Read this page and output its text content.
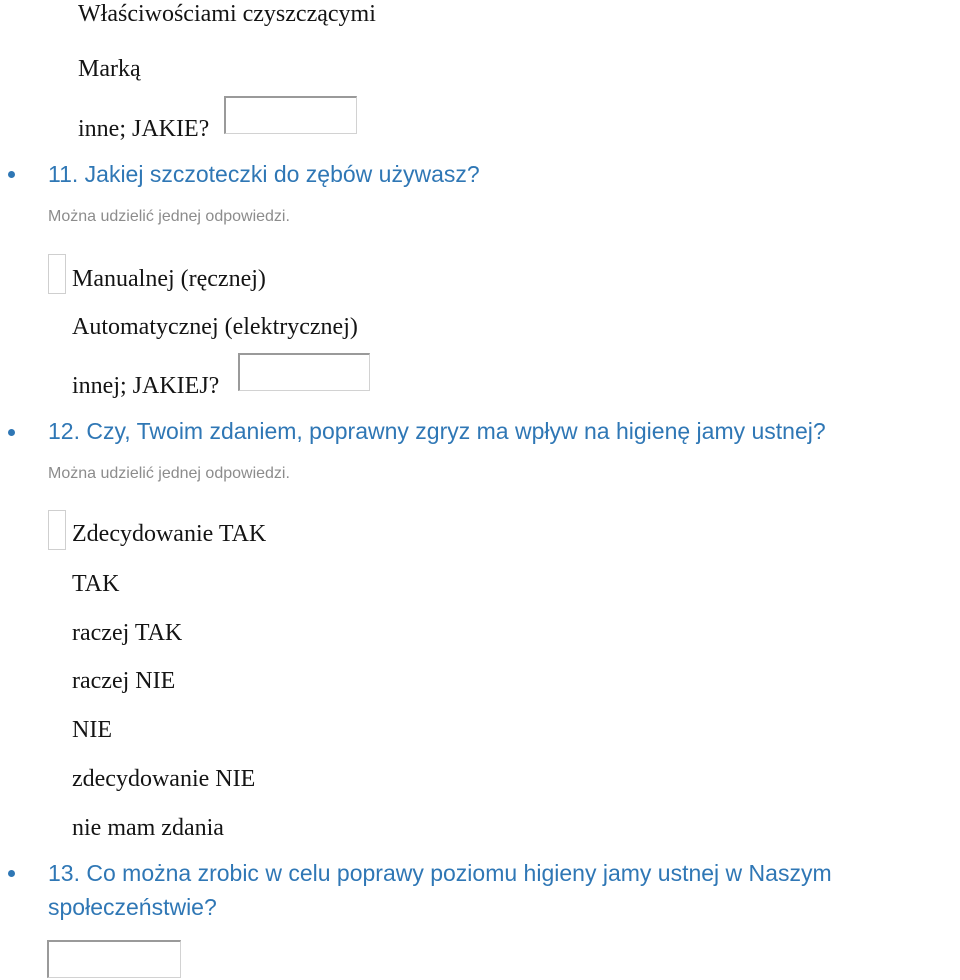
Właściwościami czyszczącymi
Marką
inne; JAKIE?
11. Jakiej szczoteczki do zębów używasz?
Można udzielić jednej odpowiedzi.
Manualnej (ręcznej)
Automatycznej (elektrycznej)
innej; JAKIEJ?
12. Czy, Twoim zdaniem, poprawny zgryz ma wpływ na higienę jamy ustnej?
Można udzielić jednej odpowiedzi.
Zdecydowanie TAK
TAK
raczej TAK
raczej NIE
NIE
zdecydowanie NIE
nie mam zdania
13. Co można zrobic w celu poprawy poziomu higieny jamy ustnej w Naszym społeczeństwie?
